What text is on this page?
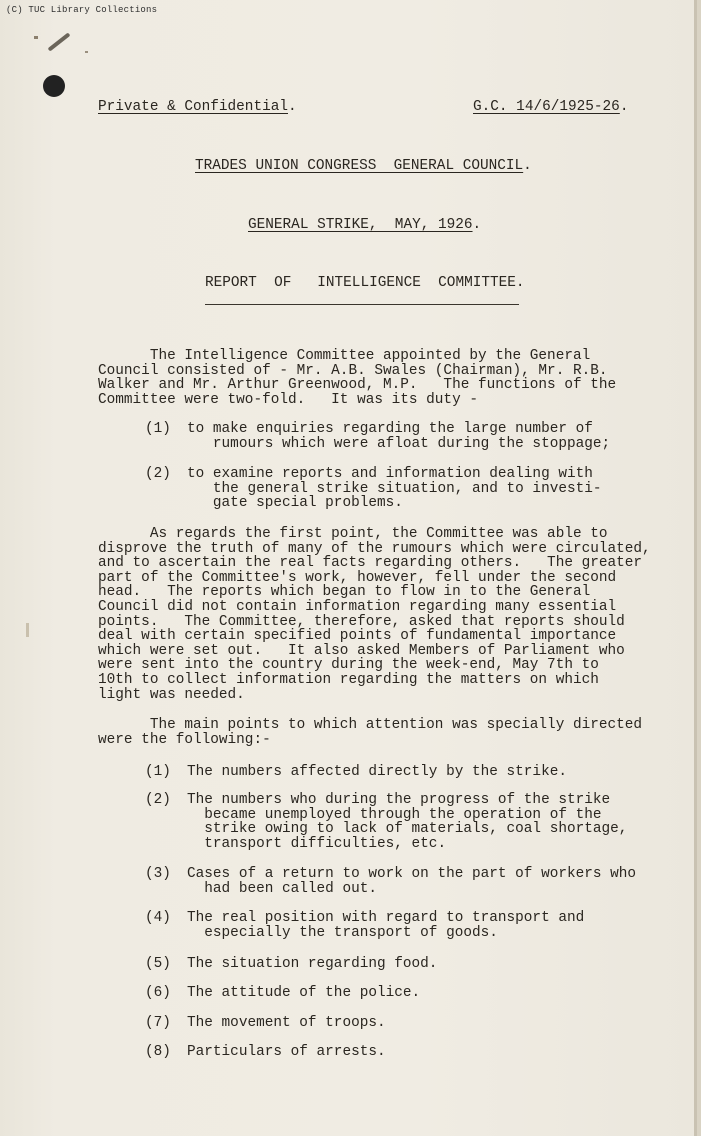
(C) TUC Library Collections
Private & Confidential.	G.C. 14/6/1925-26.
TRADES UNION CONGRESS  GENERAL COUNCIL.
GENERAL STRIKE,  MAY, 1926.
REPORT  OF   INTELLIGENCE  COMMITTEE.
The Intelligence Committee appointed by the General
Council consisted of - Mr. A.B. Swales (Chairman), Mr. R.B.
Walker and Mr. Arthur Greenwood, M.P.   The functions of the
Committee were two-fold.   It was its duty -
(1) to make enquiries regarding the large number of
rumours which were afloat during the stoppage;
(2) to examine reports and information dealing with
the general strike situation, and to investi-
gate special problems.
As regards the first point, the Committee was able to
disprove the truth of many of the rumours which were circulated,
and to ascertain the real facts regarding others.   The greater
part of the Committee's work, however, fell under the second
head.   The reports which began to flow in to the General
Council did not contain information regarding many essential
points.   The Committee, therefore, asked that reports should
deal with certain specified points of fundamental importance
which were set out.   It also asked Members of Parliament who
were sent into the country during the week-end, May 7th to
10th to collect information regarding the matters on which
light was needed.
The main points to which attention was specially directed
were the following:-
(1) The numbers affected directly by the strike.
(2) The numbers who during the progress of the strike
became unemployed through the operation of the
strike owing to lack of materials, coal shortage,
transport difficulties, etc.
(3) Cases of a return to work on the part of workers who
had been called out.
(4) The real position with regard to transport and
especially the transport of goods.
(5) The situation regarding food.
(6) The attitude of the police.
(7) The movement of troops.
(8) Particulars of arrests.
